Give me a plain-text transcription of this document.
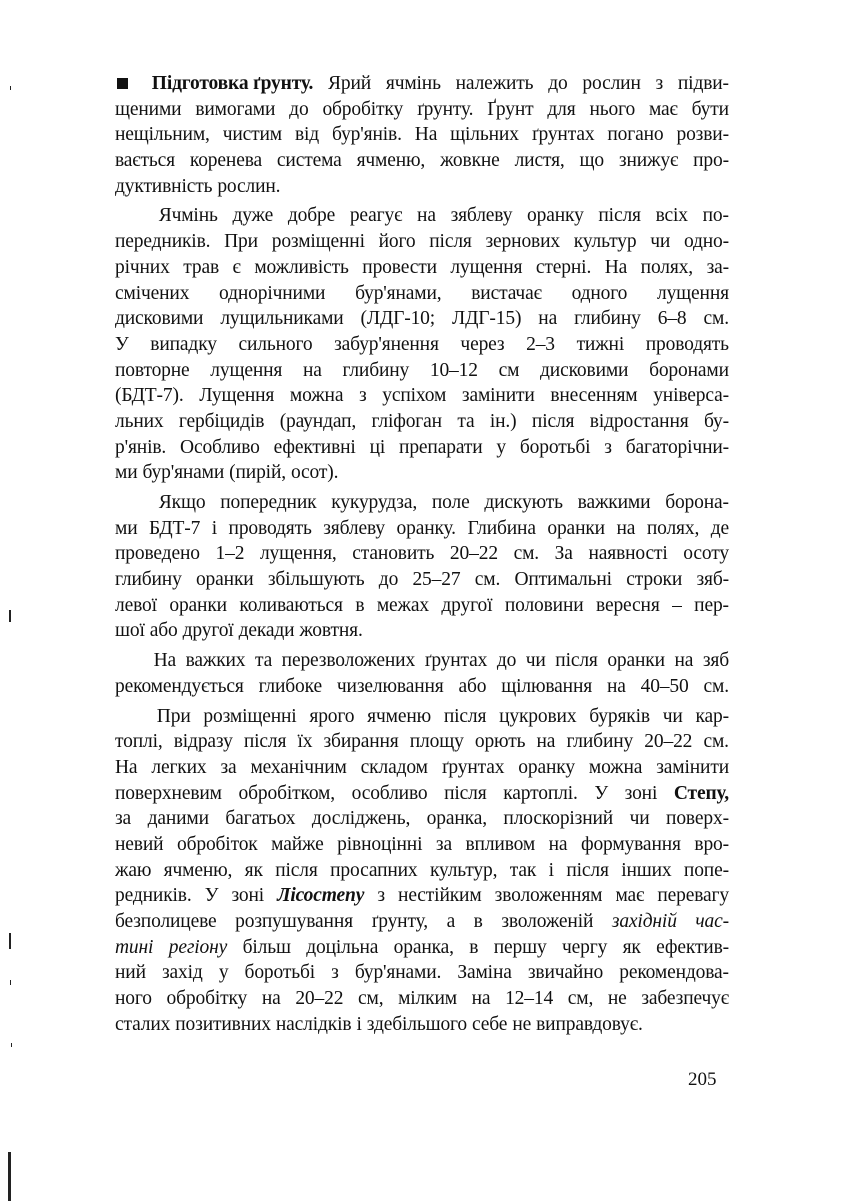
Підготовка ґрунту. Ярий ячмінь належить до рослин з підви-
щеними вимогами до обробітку ґрунту. Ґрунт для нього має бути
нещільним, чистим від бур'янів. На щільних ґрунтах погано розви-
вається коренева система ячменю, жовкне листя, що знижує про-
дуктивність рослин.
Ячмінь дуже добре реагує на зяблеву оранку після всіх по-
передників. При розміщенні його після зернових культур чи одно-
річних трав є можливість провести лущення стерні. На полях, за-
смічених однорічними бур'янами, вистачає одного лущення
дисковими лущильниками (ЛДГ-10; ЛДГ-15) на глибину 6–8 см.
У випадку сильного забур'янення через 2–3 тижні проводять
повторне лущення на глибину 10–12 см дисковими боронами
(БДТ-7). Лущення можна з успіхом замінити внесенням універса-
льних гербіцидів (раундап, гліфоган та ін.) після відростання бу-
р'янів. Особливо ефективні ці препарати у боротьбі з багаторічни-
ми бур'янами (пирій, осот).
Якщо попередник кукурудза, поле дискують важкими борона-
ми БДТ-7 і проводять зяблеву оранку. Глибина оранки на полях, де
проведено 1–2 лущення, становить 20–22 см. За наявності осоту
глибину оранки збільшують до 25–27 см. Оптимальні строки зяб-
левої оранки коливаються в межах другої половини вересня – пер-
шої або другої декади жовтня.
На важких та перезволожених ґрунтах до чи після оранки на зяб
рекомендується глибоке чизелювання або щілювання на 40–50 см.
При розміщенні ярого ячменю після цукрових буряків чи кар-
топлі, відразу після їх збирання площу орють на глибину 20–22 см.
На легких за механічним складом ґрунтах оранку можна замінити
поверхневим обробітком, особливо після картоплі. У зоні Степу,
за даними багатьох досліджень, оранка, плоскорізний чи поверх-
невий обробіток майже рівноцінні за впливом на формування вро-
жаю ячменю, як після просапних культур, так і після інших попе-
редників. У зоні Лісостепу з нестійким зволоженням має перевагу
безполицеве розпушування ґрунту, а в зволоженій західній час-
тині регіону більш доцільна оранка, в першу чергу як ефектив-
ний захід у боротьбі з бур'янами. Заміна звичайно рекомендова-
ного обробітку на 20–22 см, мілким на 12–14 см, не забезпечує
сталих позитивних наслідків і здебільшого себе не виправдовує.
205
